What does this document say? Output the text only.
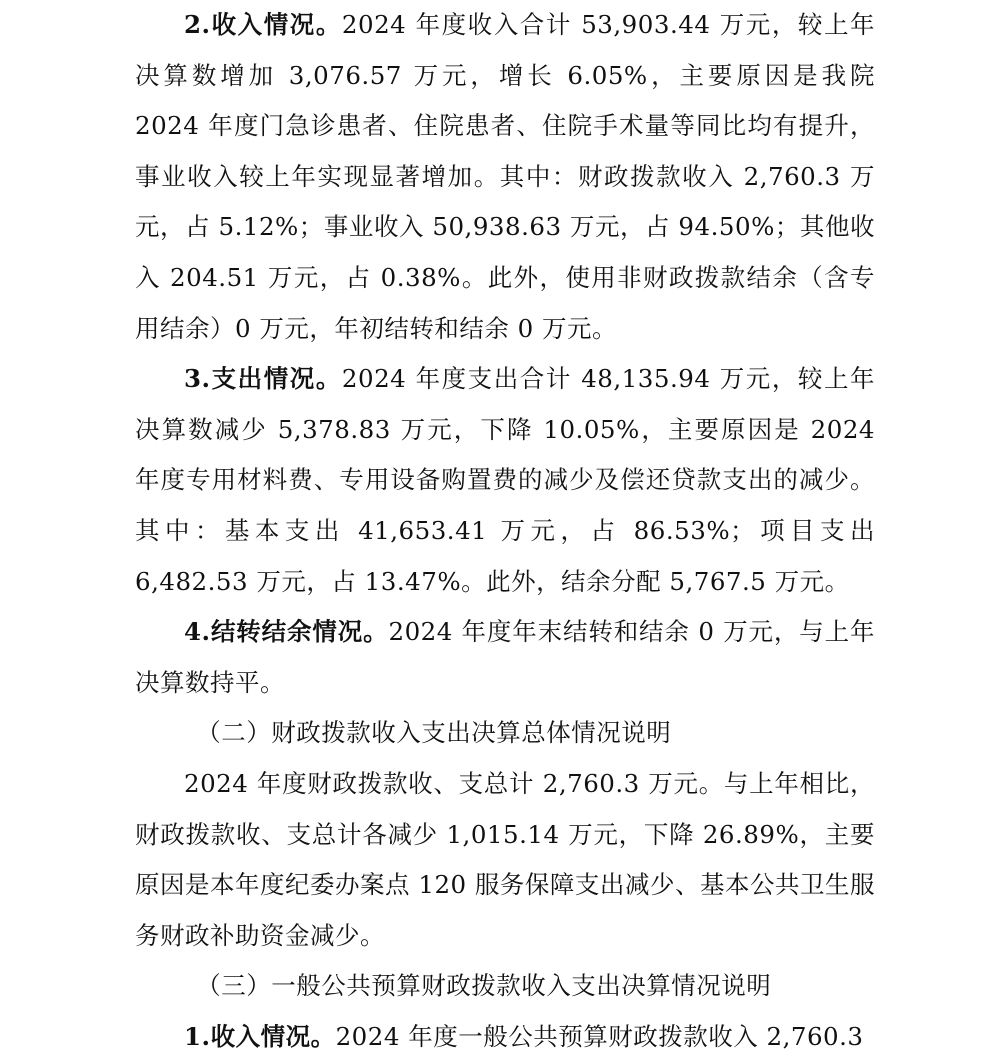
2.收入情况。2024 年度收入合计 53,903.44 万元，较上年决算数增加 3,076.57 万元，增长 6.05%，主要原因是我院 2024 年度门急诊患者、住院患者、住院手术量等同比均有提升，事业收入较上年实现显著增加。其中：财政拨款收入 2,760.3 万元，占 5.12%；事业收入 50,938.63 万元，占 94.50%；其他收入 204.51 万元，占 0.38%。此外，使用非财政拨款结余（含专用结余）0 万元，年初结转和结余 0 万元。

3.支出情况。2024 年度支出合计 48,135.94 万元，较上年决算数减少 5,378.83 万元，下降 10.05%，主要原因是 2024 年度专用材料费、专用设备购置费的减少及偿还贷款支出的减少。其中：基本支出 41,653.41 万元，占 86.53%；项目支出 6,482.53 万元，占 13.47%。此外，结余分配 5,767.5 万元。

4.结转结余情况。2024 年度年末结转和结余 0 万元，与上年决算数持平。

（二）财政拨款收入支出决算总体情况说明

2024 年度财政拨款收、支总计 2,760.3 万元。与上年相比，财政拨款收、支总计各减少 1,015.14 万元，下降 26.89%，主要原因是本年度纪委办案点 120 服务保障支出减少、基本公共卫生服务财政补助资金减少。

（三）一般公共预算财政拨款收入支出决算情况说明

1.收入情况。2024 年度一般公共预算财政拨款收入 2,760.3
